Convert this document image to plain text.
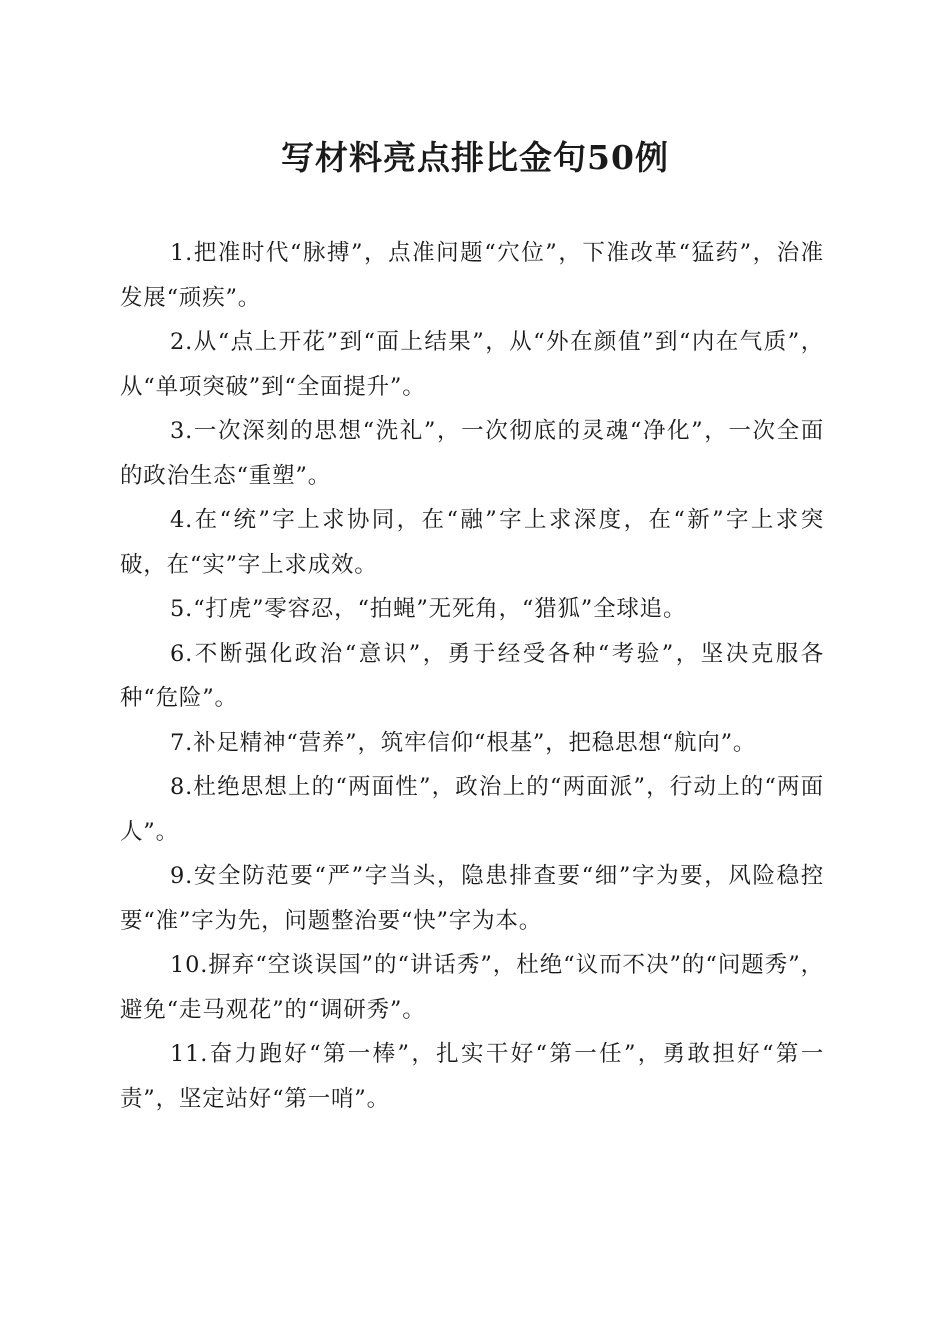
写材料亮点排比金句50例

1.把准时代“脉搏”，点准问题“穴位”，下准改革“猛药”，治准发展“顽疾”。

2.从“点上开花”到“面上结果”，从“外在颜值”到“内在气质”，从“单项突破”到“全面提升”。

3.一次深刻的思想“洗礼”，一次彻底的灵魂“净化”，一次全面的政治生态“重塑”。

4.在“统”字上求协同，在“融”字上求深度，在“新”字上求突破，在“实”字上求成效。

5.“打虎”零容忍，“拍蝇”无死角，“猎狐”全球追。

6.不断强化政治“意识”，勇于经受各种“考验”，坚决克服各种“危险”。

7.补足精神“营养”，筑牢信仰“根基”，把稳思想“航向”。

8.杜绝思想上的“两面性”，政治上的“两面派”，行动上的“两面人”。

9.安全防范要“严”字当头，隐患排查要“细”字为要，风险稳控要“准”字为先，问题整治要“快”字为本。

10.摒弃“空谈误国”的“讲话秀”，杜绝“议而不决”的“问题秀”，避免“走马观花”的“调研秀”。

11.奋力跑好“第一棒”，扎实干好“第一任”，勇敢担好“第一责”，坚定站好“第一哨”。
